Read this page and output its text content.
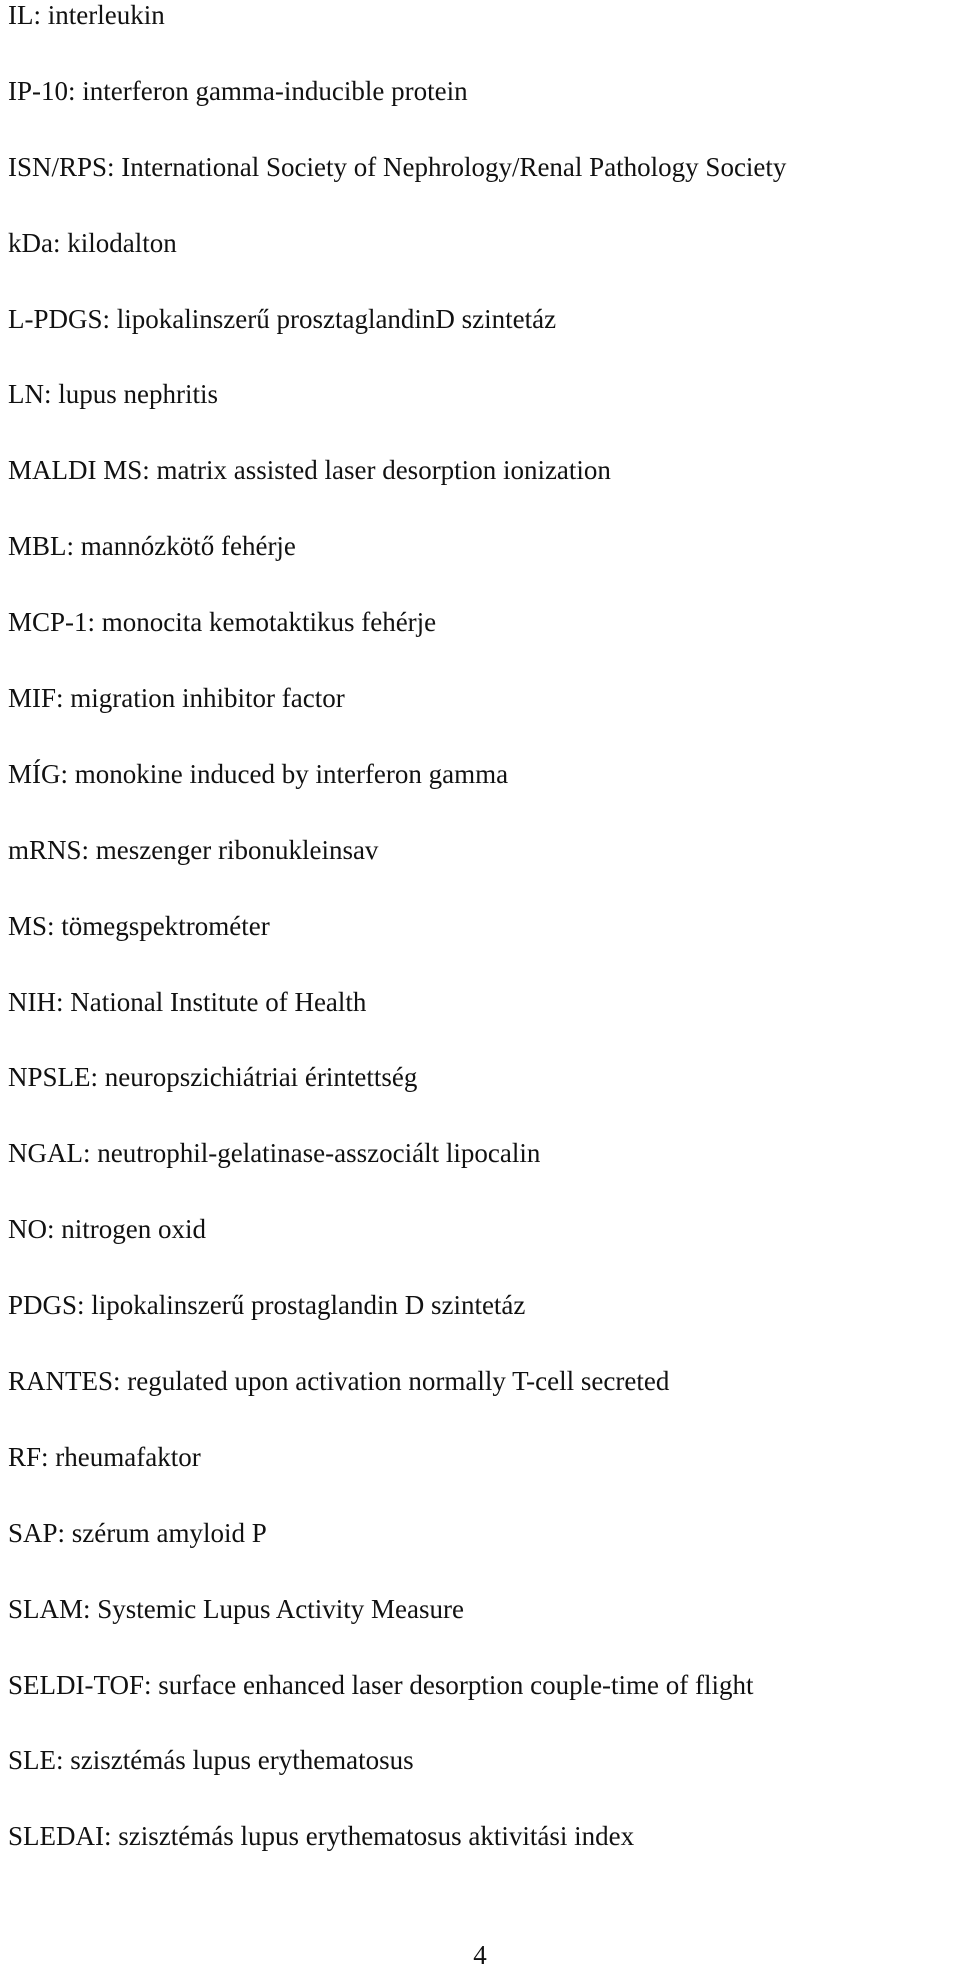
IL: interleukin
IP-10: interferon gamma-inducible protein
ISN/RPS: International Society of Nephrology/Renal Pathology Society
kDa: kilodalton
L-PDGS: lipokalinszerű prosztaglandinD szintetáz
LN: lupus nephritis
MALDI MS: matrix assisted laser desorption ionization
MBL: mannózkötő fehérje
MCP-1: monocita kemotaktikus fehérje
MIF: migration inhibitor factor
MÍG: monokine induced by interferon gamma
mRNS: meszenger ribonukleinsav
MS: tömegspektrométer
NIH: National Institute of Health
NPSLE: neuropszichiátriai érintettség
NGAL: neutrophil-gelatinase-asszociált lipocalin
NO: nitrogen oxid
PDGS: lipokalinszerű prostaglandin D szintetáz
RANTES: regulated upon activation normally T-cell secreted
RF: rheumafaktor
SAP: szérum amyloid P
SLAM: Systemic Lupus Activity Measure
SELDI-TOF: surface enhanced laser desorption couple-time of flight
SLE: szisztémás lupus erythematosus
SLEDAI: szisztémás lupus erythematosus aktivitási index
4
